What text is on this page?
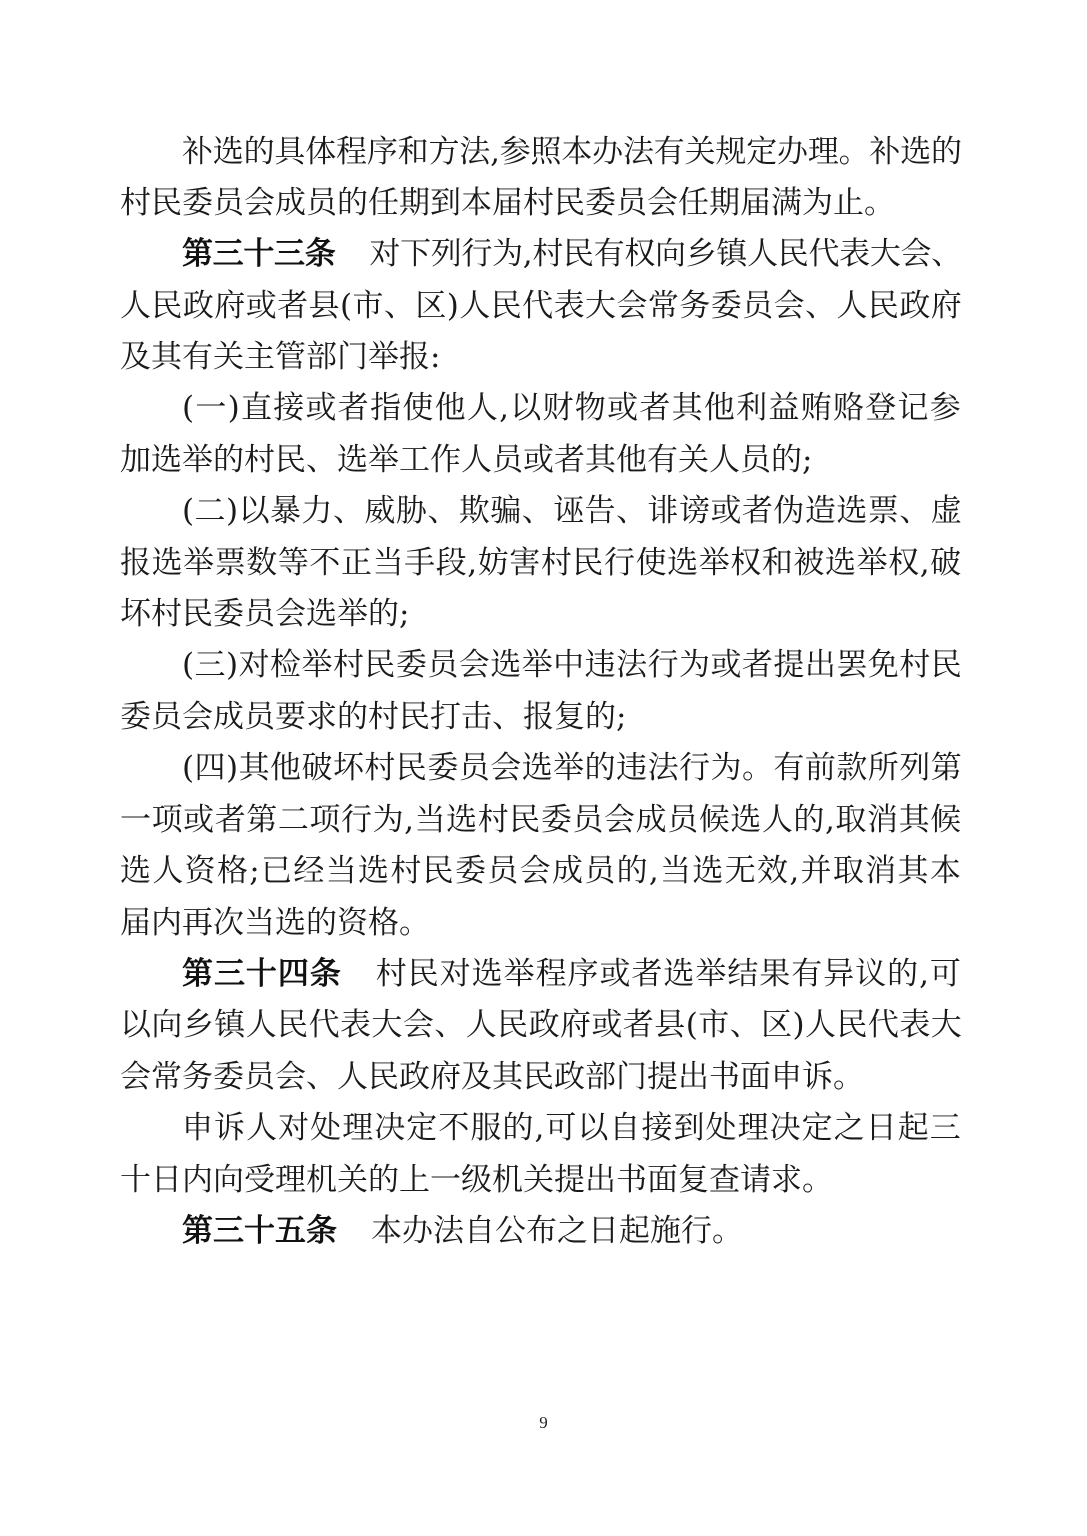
补选的具体程序和方法,参照本办法有关规定办理。补选的
村民委员会成员的任期到本届村民委员会任期届满为止。
第三十三条 对下列行为,村民有权向乡镇人民代表大会、
人民政府或者县(市、区)人民代表大会常务委员会、人民政府
及其有关主管部门举报:
(一)直接或者指使他人,以财物或者其他利益贿赂登记参
加选举的村民、选举工作人员或者其他有关人员的;
(二)以暴力、威胁、欺骗、诬告、诽谤或者伪造选票、虚
报选举票数等不正当手段,妨害村民行使选举权和被选举权,破
坏村民委员会选举的;
(三)对检举村民委员会选举中违法行为或者提出罢免村民
委员会成员要求的村民打击、报复的;
(四)其他破坏村民委员会选举的违法行为。有前款所列第
一项或者第二项行为,当选村民委员会成员候选人的,取消其候
选人资格;已经当选村民委员会成员的,当选无效,并取消其本
届内再次当选的资格。
第三十四条 村民对选举程序或者选举结果有异议的,可
以向乡镇人民代表大会、人民政府或者县(市、区)人民代表大
会常务委员会、人民政府及其民政部门提出书面申诉。
申诉人对处理决定不服的,可以自接到处理决定之日起三
十日内向受理机关的上一级机关提出书面复查请求。
第三十五条 本办法自公布之日起施行。
9
